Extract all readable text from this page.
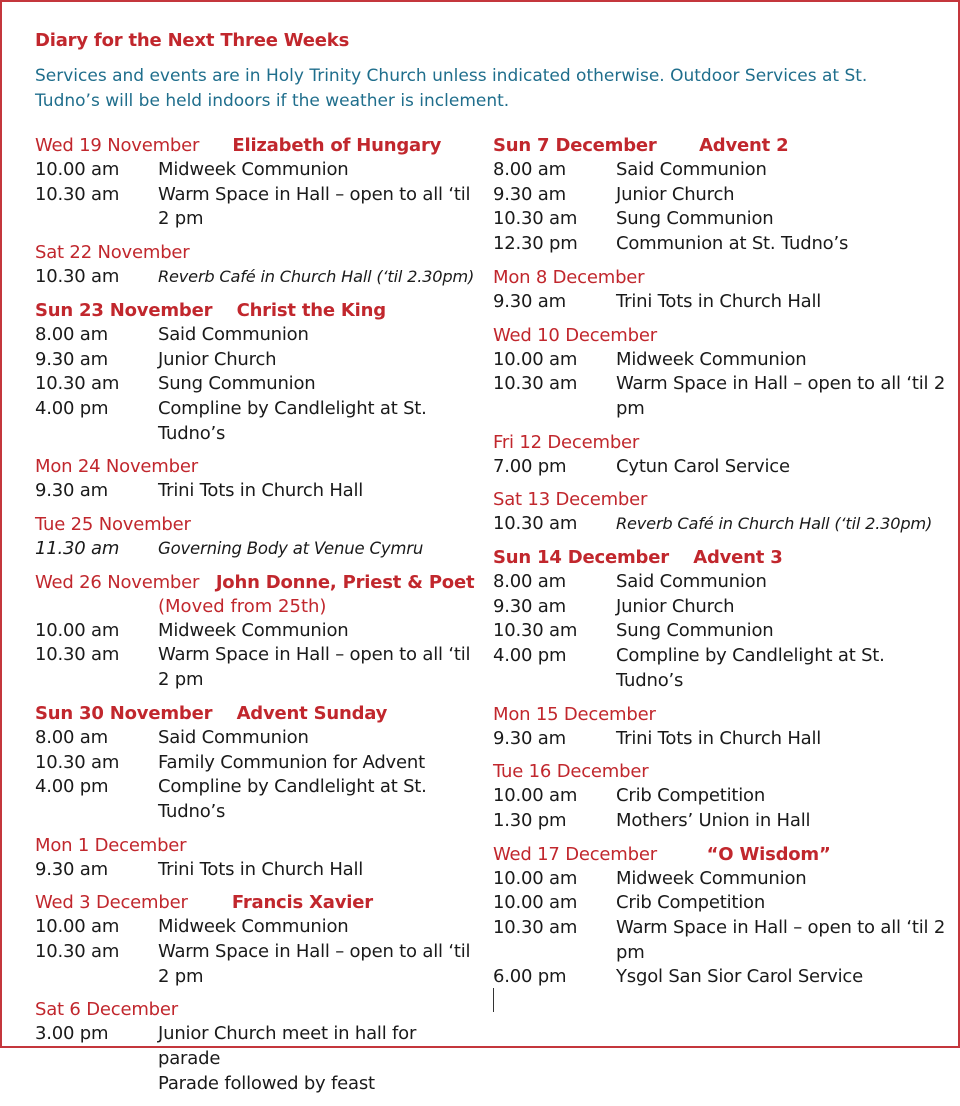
Diary for the Next Three Weeks
Services and events are in Holy Trinity Church unless indicated otherwise. Outdoor Services at St. Tudno’s will be held indoors if the weather is inclement.
Wed 19 November Elizabeth of Hungary
10.00 am	Midweek Communion
10.30 am	Warm Space in Hall – open to all ‘til 2 pm
Sat 22 November
10.30 am	Reverb Café in Church Hall (‘til 2.30pm)
Sun 23 November Christ the King
8.00 am	Said Communion
9.30 am	Junior Church
10.30 am	Sung Communion
4.00 pm	Compline by Candlelight at St. Tudno’s
Mon 24 November
9.30 am	Trini Tots in Church Hall
Tue 25 November
11.30 am	Governing Body at Venue Cymru
Wed 26 November John Donne, Priest & Poet
(Moved from 25th)
10.00 am	Midweek Communion
10.30 am	Warm Space in Hall – open to all ‘til 2 pm
Sun 30 November Advent Sunday
8.00 am	Said Communion
10.30 am	Family Communion for Advent
4.00 pm	Compline by Candlelight at St. Tudno’s
Mon 1 December
9.30 am	Trini Tots in Church Hall
Wed 3 December Francis Xavier
10.00 am	Midweek Communion
10.30 am	Warm Space in Hall – open to all ‘til 2 pm
Sat 6 December
3.00 pm	Junior Church meet in hall for parade
Parade followed by feast
Sun 7 December Advent 2
8.00 am	Said Communion
9.30 am	Junior Church
10.30 am	Sung Communion
12.30 pm	Communion at St. Tudno’s
Mon 8 December
9.30 am	Trini Tots in Church Hall
Wed 10 December
10.00 am	Midweek Communion
10.30 am	Warm Space in Hall – open to all ‘til 2 pm
Fri 12 December
7.00 pm	Cytun Carol Service
Sat 13 December
10.30 am	Reverb Café in Church Hall (‘til 2.30pm)
Sun 14 December Advent 3
8.00 am	Said Communion
9.30 am	Junior Church
10.30 am	Sung Communion
4.00 pm	Compline by Candlelight at St. Tudno’s
Mon 15 December
9.30 am	Trini Tots in Church Hall
Tue 16 December
10.00 am	Crib Competition
1.30 pm	Mothers’ Union in Hall
Wed 17 December	“O Wisdom”
10.00 am	Midweek Communion
10.00 am	Crib Competition
10.30 am	Warm Space in Hall – open to all ‘til 2 pm
6.00 pm	Ysgol San Sior Carol Service
